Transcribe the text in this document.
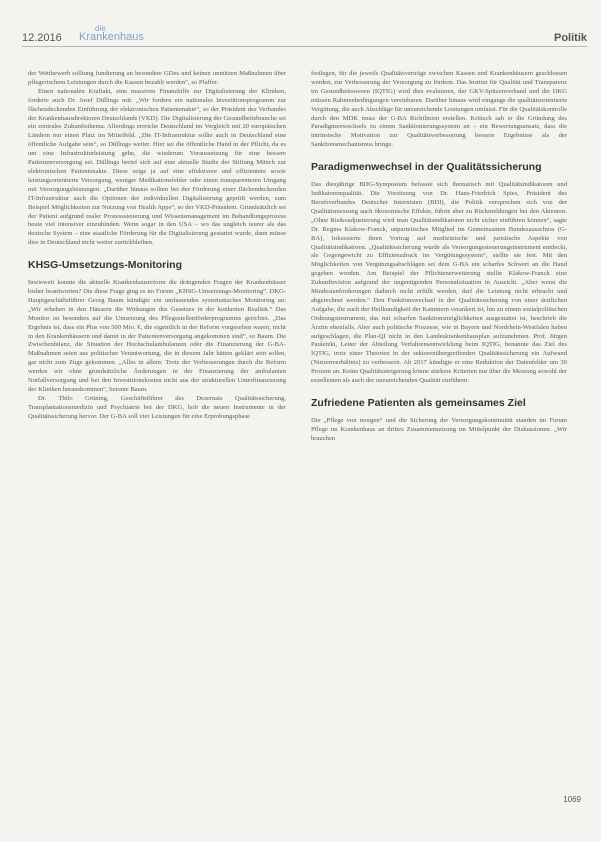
12.2016
die
Krankenhaus	Politik

der Wettbewerb solltung fundierung an besondere GDes und keinen unnützen Maßnahmen über pflegerischem Leistungen durch die Kassen bezahlt werden“, so Pfaffer.

Einen nationalen Kraftakt, eine massiven Finanzhilfe zur Digitalisierung der Kliniken, forderte auch Dr. Josef Düllings mit: „Wir fordern ein nationales Investitionsprogramm zur flächendeckenden Einführung der elektronischen Patientenakte“, so der Präsident des Verbandes der Krankenhausdirektoren Deutschlands (VKD). Die Digitalisierung der Gesundheitsbranche sei ein zentrales Zukunftsthema. Allerdings erreiche Deutschland im Vergleich mit 20 europäischen Ländern nur einen Platz im Mittelfeld. „Die IT-Infrastruktur sollte auch in Deutschland eine öffentliche Aufgabe sein“, so Düllings weiter. Hier sei die öffentliche Hand in der Pflicht, da es um eine Infrastrukturleistung gehe, die wiederum Voraussetzung für eine bessere Patientenversorgung sei. Düllings berief sich auf eine aktuelle Studie der Stiftung Münch zur elektronischen Patientenakte. Diese zeige ja auf eine effektivere und effizientere sowie leistungsorientierte Versorgung, weniger Medikationsfehler oder einen transparenteren Umgang mit Versorgungsleistungen. „Darüber hinaus sollten bei der Förderung einer flächendeckenden IT-Infrastruktur auch die Optionen der individuellen Digitalisierung geprüft werden, zum Beispiel Möglichkeiten zur Nutzung von Health Apps“, so der VKD-Präsident. Grundsätzlich sei der Patient aufgrund realer Prozesssteuerung und Wissensmanagement im Behandlungsprozess heute viel intensiver einzubinden. Wenn sogar in den USA – wo das ungleich teurer als das deutsche System – eine staatliche Förderung für die Digitalisierung gestartet wurde, dann müsse dies in Deutschland nicht weiter zurückbleiben.

KHSG-Umsetzungs-Monitoring

Inwieweit konnte die aktuelle Krankenhausreform die drängenden Fragen der Krankenhäuser bisher beantworten? Die diese Frage ging es im Forum „KHSG-Umsetzungs-Monitoring“. DKG-Hauptgeschäftsführer Georg Baum kündigte ein umfassendes systematisches Monitoring an: „Wir erheben in den Häusern die Wirkungen des Gesetzes in der konkreten Realität.“ Das Monitor ist besonders auf die Umsetzung des Pflegestellenförderprogramms gerichtet. „Das Ergebnis ist, dass ein Plus von 500 Mio. €, die eigentlich in der Reform vorgesehen waren, nicht in den Krankenhäusern und damit in der Patientenversorgung angekommen sind“, so Baum. Die Zwischenbilanz, die Situation der Hochschulambulanzen oder die Finanzierung der G-BA-Maßnahmen seien aus politischer Verantwortung, die in diesem Jahr hätten geklärt sein sollen, gar nicht zum Zuge gekommen. „Alles in allem: Trotz der Verbesserungen durch die Reform werden wir ohne grundsätzliche Änderungen in der Finanzierung der ambulanten Notfallversorgung und bei den Investitionskosten nicht aus der strukturellen Unterfinanzierung der Kliniken herauskommen“, betonte Baum.

Dr. Thilo Grüning, Geschäftsführer des Dezernats Qualitätssicherung, Transplantationsmedizin und Psychiatrie bei der DKG, hob die neuen Instrumente in der Qualitätssicherung hervor. Der G-BA soll vier Leistungen für eine Erprobungsphase

festlegen, für die jeweils Qualitätsverträge zwischen Kassen und Krankenhäusern geschlossen werden, zur Verbesserung der Versorgung zu fördern. Das Institut für Qualität und Transparenz im Gesundheitswesen (IQTIG) wird dies evaluieren, der GKV-Spitzenverband und die DKG müssen Rahmenbedingungen vereinbaren. Darüber hinaus wird eingangs die qualitätsorientierte Vergütung, die auch Abschläge für unzureichende Leistungen umfasst. Für die Qualitätskontrolle durch den MDK muss der G-BA Richtlinien erstellen. Kritisch sah er die Gründung des Paradigmenwechsels zu einem Sanktionierungssystem an – ein Bewertungsansatz, dass die intrinsische Motivation zur Qualitätsverbesserung bessere Ergebnisse als der Sanktionsmechanismus bringe.

Paradigmenwechsel in der Qualitätssicherung

Das diesjährige BDG-Symposium befasste sich thematisch mit Qualitätsindikatoren und Indikatorenqualität. Die Vorsitzung von Dr. Hans-Friedrich Spies, Präsident des Berufsverbandes Deutscher Internisten (BDI), die Politik versprechen sich von der Qualitätsmessung auch ökonomische Effekte, führte aber zu Rückmeldungen bei den Akteuren. „Ohne Risikoadjustierung wird man Qualitätsindikatoren nicht sicher einführen können“, sagte Dr. Regina Klakow-Franck, unparteiisches Mitglied im Gemeinsamen Bundesausschuss (G-BA), fokussierte ihren Vortrag auf medizinische und juristische Aspekte von Qualitätsindikatoren. „Qualitätssicherung wurde als Versorgungssteuerungsinstrument entdeckt, als Gegengewicht zu Effizienzdruck im Vergütungssystem“, stellte sie fest. Mit den Möglichkeiten von Vergütungsabschlägen sei dem G-BA ein scharfes Schwert an die Hand gegeben worden. Am Beispiel der Pflichtenerweiterung stellte Klakow-Franck eine Zukunftsvision aufgrund der ungenügenden Personalsituation in Aussicht. „Aber wenn die Mindestanforderungen dadurch nicht erfüllt werden, darf die Leistung nicht erbracht und abgerechnet werden.“ Den Funktionswechsel in der Qualitätssicherung von einer ärztlichen Aufgabe, die auch der Heilkundigkeit der Kammern verankert ist, hin zu einem sozialpolitischen Ordnungsinstrument, das mit scharfen Sanktionsmöglichkeiten ausgestattet ist, beschrieb die Ärztin ebenfalls. Aber auch politische Prozesse, wie in Bayern und Nordrhein-Westfalen haben aufgeschlagen, die Plan-QI nicht in den Landeskrankenhausplan aufzunehmen. Prof. Jürgen Pauletzki, Leiter der Abteilung Verfahrensentwicklung beim IQTIG, benannte das Ziel des IQTIG, trotz einer Theorien in der sektorenübergreifenden Qualitätssicherung ein Aufwand (Nutzenverhältnis) zu verbessern. Ab 2017 kündigte er eine Reduktion der Datenfelder um 30 Prozent an. Keine Qualitätssteigerung könne stärkere Kriterien nur über die Messung sowohl der exzellenten als auch der unzureichenden Qualität einführen.

Zufriedene Patienten als gemeinsames Ziel

Die „Pflege von morgen“ und die Sicherung der Versorgungskontinuität standen im Forum Pflege im Krankenhaus an drittes Zusammensetzung im Mittelpunkt der Diskussionen. „Wir brauchen

1069
